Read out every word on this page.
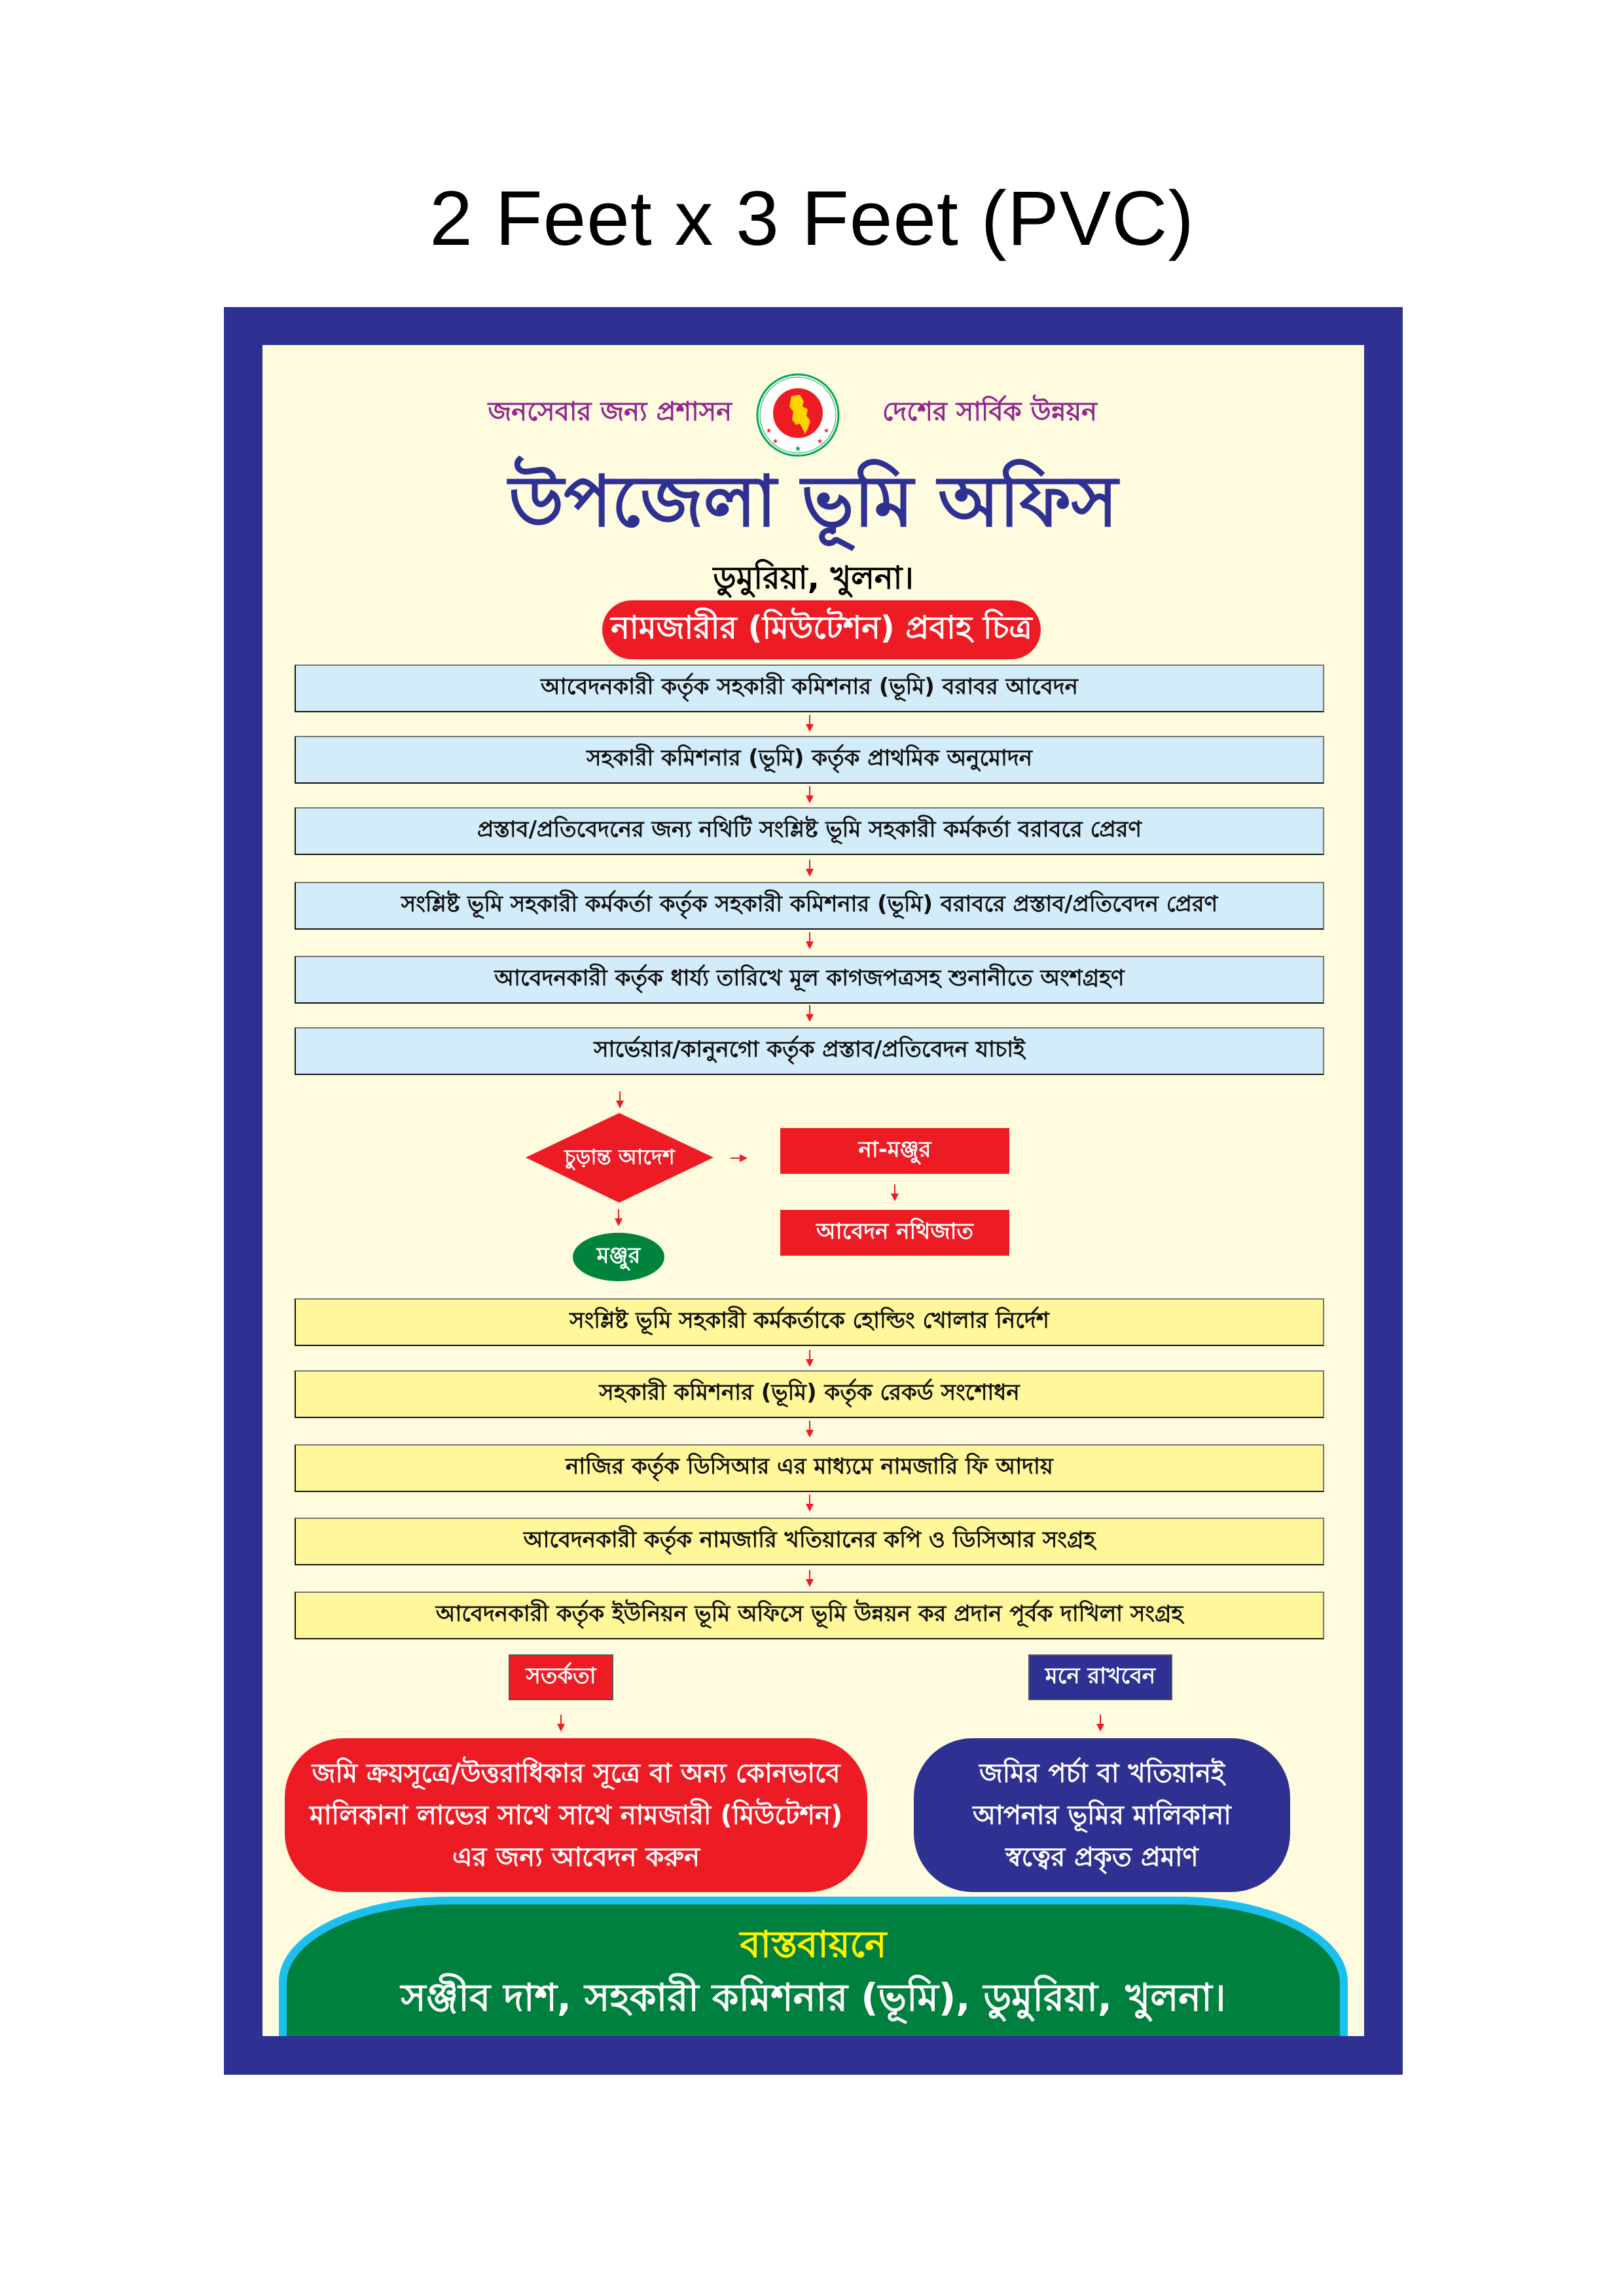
2 Feet x 3 Feet (PVC)
জনসেবার জন্য প্রশাসন
★
★	★
★	★
দেশের সার্বিক উন্নয়ন
উপজেলা ভূমি অফিস
ডুমুরিয়া, খুলনা।
নামজারীর (মিউটেশন) প্রবাহ চিত্র
আবেদনকারী কর্তৃক সহকারী কমিশনার (ভূমি) বরাবর আবেদন
সহকারী কমিশনার (ভূমি) কর্তৃক প্রাথমিক অনুমোদন
প্রস্তাব/প্রতিবেদনের জন্য নথিটি সংশ্লিষ্ট ভূমি সহকারী কর্মকর্তা বরাবরে প্রেরণ
সংশ্লিষ্ট ভূমি সহকারী কর্মকর্তা কর্তৃক সহকারী কমিশনার (ভূমি) বরাবরে প্রস্তাব/প্রতিবেদন প্রেরণ
আবেদনকারী কর্তৃক ধার্য্য তারিখে মূল কাগজপত্রসহ শুনানীতে অংশগ্রহণ
সার্ভেয়ার/কানুনগো কর্তৃক প্রস্তাব/প্রতিবেদন যাচাই
চুড়ান্ত আদেশ	না-মঞ্জুর
আবেদন নথিজাত
মঞ্জুর
সংশ্লিষ্ট ভূমি সহকারী কর্মকর্তাকে হোল্ডিং খোলার নির্দেশ
সহকারী কমিশনার (ভূমি) কর্তৃক রেকর্ড সংশোধন
নাজির কর্তৃক ডিসিআর এর মাধ্যমে নামজারি ফি আদায়
আবেদনকারী কর্তৃক নামজারি খতিয়ানের কপি ও ডিসিআর সংগ্রহ
আবেদনকারী কর্তৃক ইউনিয়ন ভূমি অফিসে ভূমি উন্নয়ন কর প্রদান পূর্বক দাখিলা সংগ্রহ
সতর্কতা
জমি ক্রয়সূত্রে/উত্তরাধিকার সূত্রে বা অন্য কোনভাবে
মালিকানা লাভের সাথে সাথে নামজারী (মিউটেশন)
এর জন্য আবেদন করুন
মনে রাখবেন
জমির পর্চা বা খতিয়ানই
আপনার ভূমির মালিকানা
স্বত্বের প্রকৃত প্রমাণ
বাস্তবায়নে
সঞ্জীব দাশ, সহকারী কমিশনার (ভূমি), ডুমুরিয়া, খুলনা।
